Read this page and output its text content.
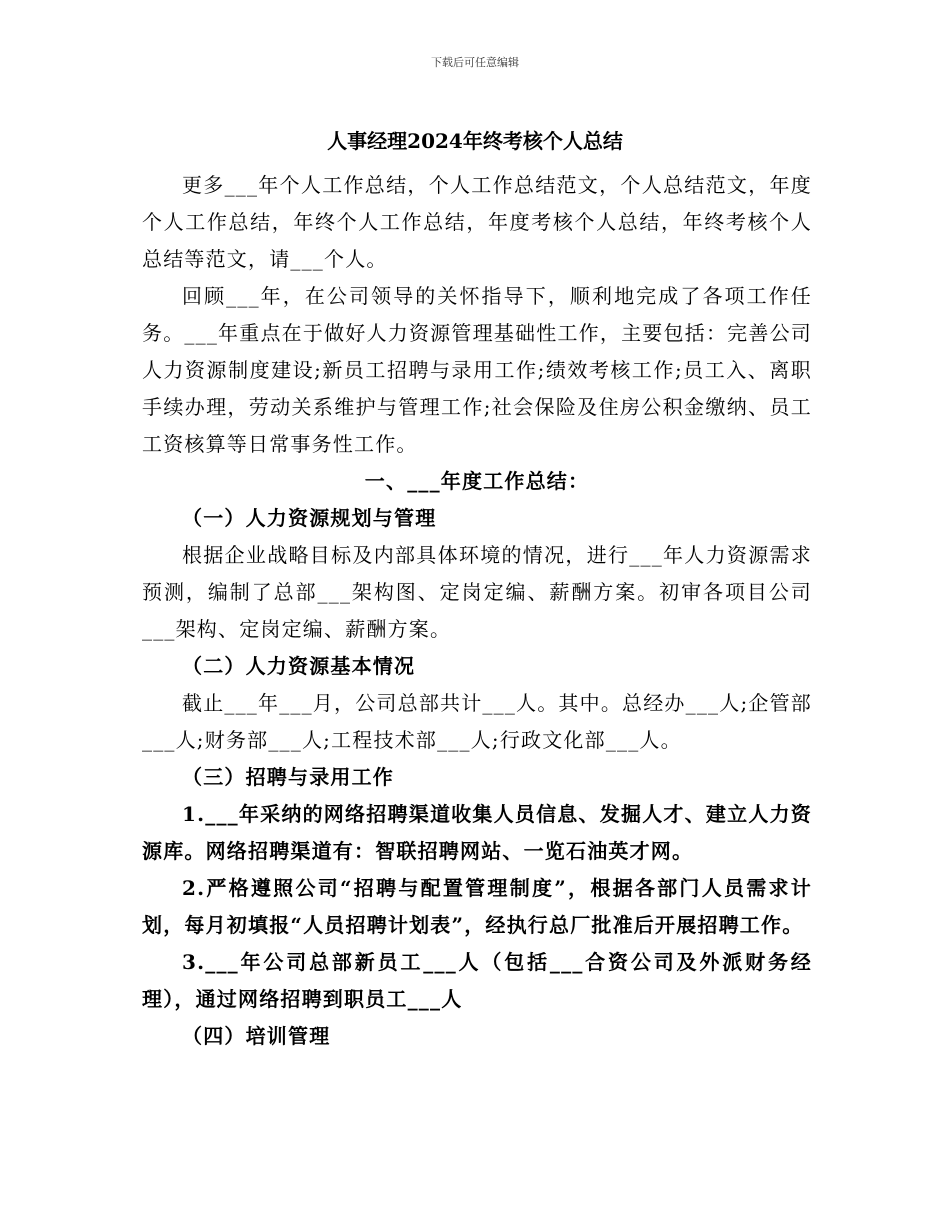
下载后可任意编辑
人事经理2024年终考核个人总结

更多___年个人工作总结，个人工作总结范文，个人总结范文，年度个人工作总结，年终个人工作总结，年度考核个人总结，年终考核个人总结等范文，请___个人。

回顾___年，在公司领导的关怀指导下，顺利地完成了各项工作任务。___年重点在于做好人力资源管理基础性工作，主要包括：完善公司人力资源制度建设;新员工招聘与录用工作;绩效考核工作;员工入、离职手续办理，劳动关系维护与管理工作;社会保险及住房公积金缴纳、员工工资核算等日常事务性工作。

一、___年度工作总结：

（一）人力资源规划与管理

根据企业战略目标及内部具体环境的情况，进行___年人力资源需求预测，编制了总部___架构图、定岗定编、薪酬方案。初审各项目公司___架构、定岗定编、薪酬方案。

（二）人力资源基本情况

截止___年___月，公司总部共计___人。其中。总经办___人;企管部___人;财务部___人;工程技术部___人;行政文化部___人。

（三）招聘与录用工作

1.___年采纳的网络招聘渠道收集人员信息、发掘人才、建立人力资源库。网络招聘渠道有：智联招聘网站、一览石油英才网。

2.严格遵照公司“招聘与配置管理制度”，根据各部门人员需求计划，每月初填报“人员招聘计划表”，经执行总厂批准后开展招聘工作。

3.___年公司总部新员工___人（包括___合资公司及外派财务经理），通过网络招聘到职员工___人

（四）培训管理
